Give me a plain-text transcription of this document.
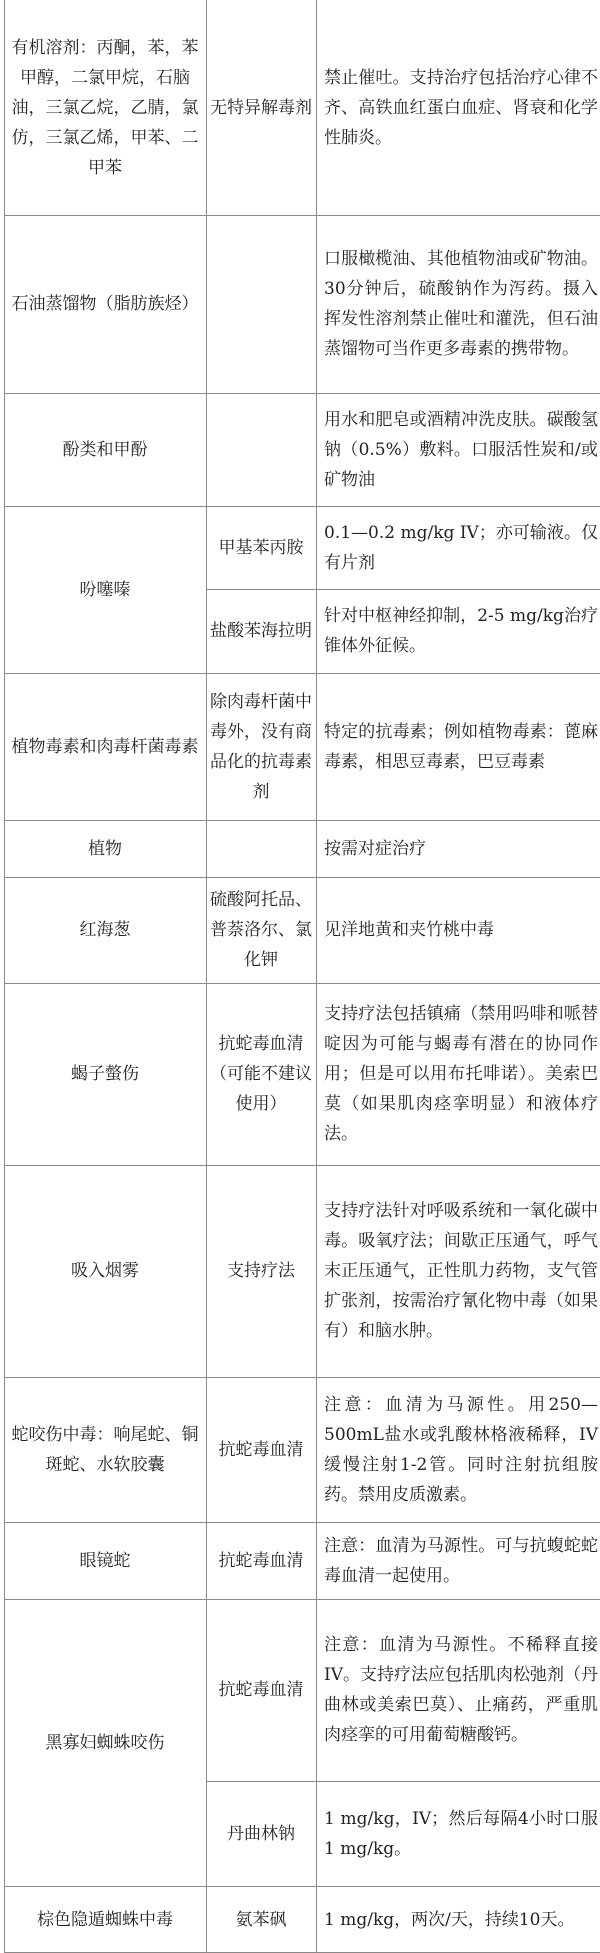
有机溶剂：丙酮，苯，苯甲醇，二氯甲烷，石脑油，三氯乙烷，乙腈，氯仿，三氯乙烯，甲苯、二甲苯
石油蒸馏物（脂肪族烃）
酚类和甲酚
吩噻嗪
植物毒素和肉毒杆菌毒素
植物
红海葱
蝎子螫伤
吸入烟雾
蛇咬伤中毒：响尾蛇、铜斑蛇、水软胶囊
眼镜蛇
黑寡妇蜘蛛咬伤
棕色隐遁蜘蛛中毒
无特异解毒剂
甲基苯丙胺
盐酸苯海拉明
除肉毒杆菌中毒外，没有商品化的抗毒素剂
硫酸阿托品、普萘洛尔、氯化钾
抗蛇毒血清（可能不建议使用）
支持疗法
抗蛇毒血清
抗蛇毒血清
抗蛇毒血清
丹曲林钠
氨苯砜
禁止催吐。支持治疗包括治疗心律不齐、高铁血红蛋白血症、肾衰和化学性肺炎。
口服橄榄油、其他植物油或矿物油。30分钟后，硫酸钠作为泻药。摄入挥发性溶剂禁止催吐和灌洗，但石油蒸馏物可当作更多毒素的携带物。
用水和肥皂或酒精冲洗皮肤。碳酸氢钠（0.5%）敷料。口服活性炭和/或矿物油
0.1—0.2 mg/kg IV；亦可输液。仅有片剂
针对中枢神经抑制，2-5 mg/kg治疗锥体外征候。
特定的抗毒素；例如植物毒素：蓖麻毒素，相思豆毒素，巴豆毒素
按需对症治疗
见洋地黄和夹竹桃中毒
支持疗法包括镇痛（禁用吗啡和哌替啶因为可能与蝎毒有潜在的协同作用；但是可以用布托啡诺）。美索巴莫（如果肌肉痉挛明显）和液体疗法。
支持疗法针对呼吸系统和一氧化碳中毒。吸氧疗法；间歇正压通气，呼气末正压通气，正性肌力药物，支气管扩张剂，按需治疗氰化物中毒（如果有）和脑水肿。
注意：血清为马源性。用250—500mL盐水或乳酸林格液稀释，IV缓慢注射1-2管。同时注射抗组胺药。禁用皮质激素。
注意：血清为马源性。可与抗蝮蛇蛇毒血清一起使用。
注意：血清为马源性。不稀释直接IV。支持疗法应包括肌肉松弛剂（丹曲林或美索巴莫）、止痛药，严重肌肉痉挛的可用葡萄糖酸钙。
1 mg/kg，IV；然后每隔4小时口服1 mg/kg。
1 mg/kg，两次/天，持续10天。
